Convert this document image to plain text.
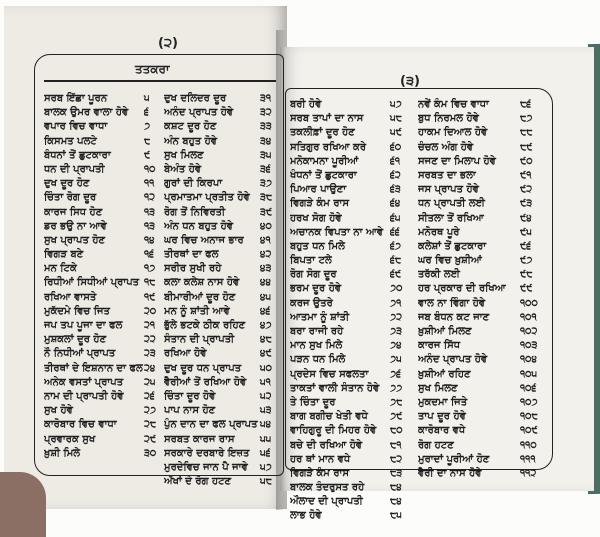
(੨)
ਤਤਕਰਾ
ਸਰਬ ਇੱਛਾ ਪੂਰਨ	੫
ਬਾਲਕ ਉਮਰ ਵਾਲਾ ਹੋਵੇ ੬
ਵਪਾਰ ਵਿਚ ਵਾਧਾ	੭
ਕਿਸਮਤ ਪਲਟੇ	੮
ਬੰਧਨਾਂ ਤੋਂ ਛੁਟਕਾਰਾ	੯
ਧਨ ਦੀ ਪ੍ਰਾਪਤੀ	੧੦
ਦੁਖ ਦੂਰ ਹੋਣ	੧੧
ਚਿੰਤਾ ਰੋਗ ਦੂਰ	੧੨
ਕਾਰਜ ਸਿਧ ਹੋਣ	੧੩
ਡਰ ਭਉ ਨਾ ਆਵੇ	੧੩
ਸੁਖ ਪ੍ਰਾਪਤ ਹੋਣ	੧੪
ਵਿਗੜ ਬਣੇ	੧੬
ਮਨ ਟਿਕੇ	੧੭
ਰਿਧੀਆਂ ਸਿਧੀਆਂ ਪ੍ਰਾਪਤ ੧੮
ਰਖਿਆ ਵਾਸਤੇ	੧੯
ਮੁਕੱਦਮੇ ਵਿਚ ਜਿਤ	੨੦
ਜਪ ਤਪ ਪੂਜਾ ਦਾ ਫਲ ੨੧
ਮੁਸ਼ਕਲਾਂ ਦੂਰ ਹੋਣ	੨੨
ਨੌ ਨਿਧੀਆਂ ਪ੍ਰਾਪਤ	੨੩
ਤੀਰਥਾਂ ਦੇ ਇਸ਼ਨਾਨ ਦਾ ਫਲ ੨੪
ਅਨੇਕ ਵਸਤਾਂ ਪ੍ਰਾਪਤ ੨੫
ਨਾਮ ਦੀ ਪ੍ਰਾਪਤੀ ਹੋਵੇ ੨੬
ਸੁਖ ਹੋਵੇ	੨੭
ਕਾਰੋਬਾਰ ਵਿਚ ਵਾਧਾ	੨੮
ਪ੍ਰਵਾਰਕ ਸੁਖ	੨੯
ਖ਼ੁਸ਼ੀ ਮਿਲੇ	੩੦
ਦੁਖ ਦਲਿਦਰ ਦੂਰ	੩੧
ਅਨੰਦ ਪ੍ਰਾਪਤ ਹੋਵੇ	੩੨
ਕਸ਼ਟ ਦੂਰ ਹੋਣ	੩੩
ਅੰਨ ਬਹੁਤ ਹੋਵੇ	੩੪
ਸੁਖ ਮਿਲਣ	੩੫
ਬੇਅੰਤ ਹੋਵੇ	੩੬
ਗੁਰਾਂ ਦੀ ਕਿਰਪਾ	੩੭
ਪ੍ਰਮਾਤਮਾ ਪ੍ਰਤੀਤ ਹੋਵੇ ੩੮
ਰੋਗ ਤੋਂ ਨਿਵਿਰਤੀ	੩੯
ਅੰਨ ਧਨ ਬਹੁਤ ਹੋਵੇ	੪੦
ਘਰ ਵਿਚ ਅਨਾਜ ਭਾਰ ੪੧
ਤੀਰਥਾਂ ਦਾ ਫਲ	੪੨
ਸਰੀਰ ਸੁਖੀ ਰਹੇ	੪੩
ਕਲਾ ਕਲੇਸ਼ ਨਾਸ ਹੋਵੇ ੪੪
ਬੀਮਾਰੀਆਂ ਦੂਰ ਹੋਣ	੪੫
ਮਨ ਨੂੰ ਸ਼ਾਂਤੀ ਆਵੇ	੪੬
ਭੁੱਲੇ ਭਟਕੇ ਠੀਕ ਰਹਿਣ ੪੭
ਸੰਤਾਨ ਦੀ ਪ੍ਰਾਪਤੀ	੪੮
ਰਖਿਆ ਹੋਵੇ	੪੯
ਦੁਖ ਦੂਰ ਧਨ ਪ੍ਰਾਪਤ ੫੦
ਵੈਰੀਆਂ ਤੋਂ ਰਖਿਆ ਹੋਵੇ ੫੧
ਚਿੰਤਾ ਦੂਰ ਹੋਵੇ	੫੨
ਪਾਪ ਨਾਸ ਹੋਣ	੫੩
ਪੁੰਨ ਦਾਨ ਦਾ ਫਲ ਪ੍ਰਾਪਤ ੫੪
ਸਰਬਤ ਕਾਰਜ ਰਾਸ	੫੫
ਸਰਕਾਰੇ ਦਰਬਾਰੇ ਇਜ਼ਤ ੫੬
ਮੁਰਦੇਵਿਚ ਜਾਨ ਪੈ ਜਾਵੇ ੫੭
ਅੱਖਾਂ ਦੇ ਰੋਗ ਹਟਣ	੫੮
(੩)
ਬਰੀ ਹੋਵੇ	੫੭
ਸਰਬ ਤਾਪਾਂ ਦਾ ਨਾਸ	੫੮
ਤਕਲੀਫ਼ਾਂ ਦੂਰ ਹੋਣ	੫੯
ਸਤਿਗੁਰ ਰਖਿਆ ਕਰੇ	੬੦
ਮਨੋਕਾਮਨਾ ਪੂਰੀਆਂ	੬੧
ਖੰਧਨਾਂ ਤੋਂ ਛੁਟਕਾਰਾ	੬੨
ਪਿਆਰ ਪਾਉਣਾ	੬੩
ਵਿਗੜੇ ਕੰਮ ਰਾਸ	੬੪
ਹਰਖ ਸੋਗ ਹੋਵੇ	੬੫
ਅਚਾਨਕ ਵਿਪਤਾ ਨਾ ਆਵੇ ੬੬
ਬਹੁਤ ਧਨ ਮਿਲੇ	੬੭
ਬਿਪਤਾ ਟਲੇ	੬੮
ਰੋਗ ਸੋਗ ਦੂਰ	੬੯
ਭਰਮ ਦੂਰ ਹੋਵੇ	੭੦
ਕਰਜ ਉਤਰੇ	੭੧
ਆਤਮਾ ਨੂੰ ਸ਼ਾਂਤੀ	੭੨
ਬਰਾ ਰਾਜੀ ਰਹੇ	੭੩
ਮਾਨ ਸੁਖ ਮਿਲੇ	੭੪
ਪੜਨ ਧਨ ਮਿਲੇ	੭੫
ਪ੍ਰਦੇਸ ਵਿਚ ਸਫਲਤਾ ੭੬
ਤਾਕਤਾਂ ਵਾਲੀ ਸੰਤਾਨ ਹੋਵੇ ੭੭
ਤੇ ਚਿੰਤਾ ਦੂਰ	੭੮
ਬਾਗ ਬਗੀਚ ਖੇਤੀ ਵਧੇ ੭੯
ਵਾਹਿਗੁਰੂ ਦੀ ਮਿਹਰ ਹੋਵੇ ੮੦
ਬਚੇ ਦੀ ਰਖਿਆ ਹੋਵੇ	੮੧
ਹਰ ਥਾਂ ਮਾਨ ਵਧੇ	੮੨
ਵਿਗੜੇ ਕੰਮ ਰਾਸ	੮੩
ਬਾਲਕ ਤੰਦਰੁਸਤ ਰਹੇ	੮੪
ਔਲਾਦ ਦੀ ਪ੍ਰਾਪਤੀ	੮੪
ਲਾਭ ਹੋਵੇ	੮੫
ਨਵੇਂ ਕੰਮ ਵਿਚ ਵਾਧਾ	੮੬
ਬੁਧ ਨਿਰਮਲ ਹੋਵੇ	੮੭
ਹਾਕਮ ਦਿਆਲ ਹੋਵੇ	੮੮
ਚੰਚਲ ਅੰਗ ਹੋਵੇ	੮੯
ਸਜਣ ਦਾ ਮਿਲਾਪ ਹੋਵੇ	੯੦
ਸਰਬਤ ਦਾ ਭਲਾ	੯੧
ਜਸ ਪ੍ਰਾਪਤ ਹੋਵੇ	੯੨
ਧਨ ਪ੍ਰਾਪਤੀ ਲਈ	੯੩
ਸੀਤਲਾ ਤੋਂ ਰਖਿਆ	੯੪
ਮਨੋਰਥ ਪੂਰੇ	੯੫
ਕਲੇਸ਼ਾਂ ਤੋਂ ਛੁਟਕਾਰਾ	੯੬
ਘਰ ਵਿਚ ਖ਼ੁਸ਼ੀਆਂ	੯੭
ਤਰੱਕੀ ਲਈ	੯੮
ਹਰ ਪ੍ਰਕਾਰ ਦੀ ਰਖਿਆ ੯੯
ਵਾਲ ਨਾ ਵਿੰਗਾ ਹੋਵੇ	੧੦੦
ਜਬ ਬੰਧਨ ਕਟ ਜਾਣ	੧੦੧
ਖ਼ੁਸ਼ੀਆਂ ਮਿਲਣ	੧੦੨
ਕਾਰਜ ਸਿੱਧ	੧੦੩
ਅਨੰਦ ਪ੍ਰਾਪਤ ਹੋਵੇ	੧੦੪
ਖ਼ੁਸ਼ੀਆਂ ਰਹਿਣ	੧੦੫
ਸੁਖ ਮਿਲਣ	੧੦੬
ਮੁਕਦਮਾ ਜਿਤੇ	੧੦੭
ਤਾਪ ਦੂਰ ਹੋਵੇ	੧੦੮
ਕਾਰੋਬਾਰ ਵਧੇ	੧੦੯
ਰੋਗ ਹਟਣ	੧੧੦
ਮੁਰਾਦਾਂ ਪੂਰੀਆਂ ਹੋਣ	੧੧੧
ਵੈਰੀ ਦਾ ਨਾਸ ਹੋਵੇ	੧੧੨
